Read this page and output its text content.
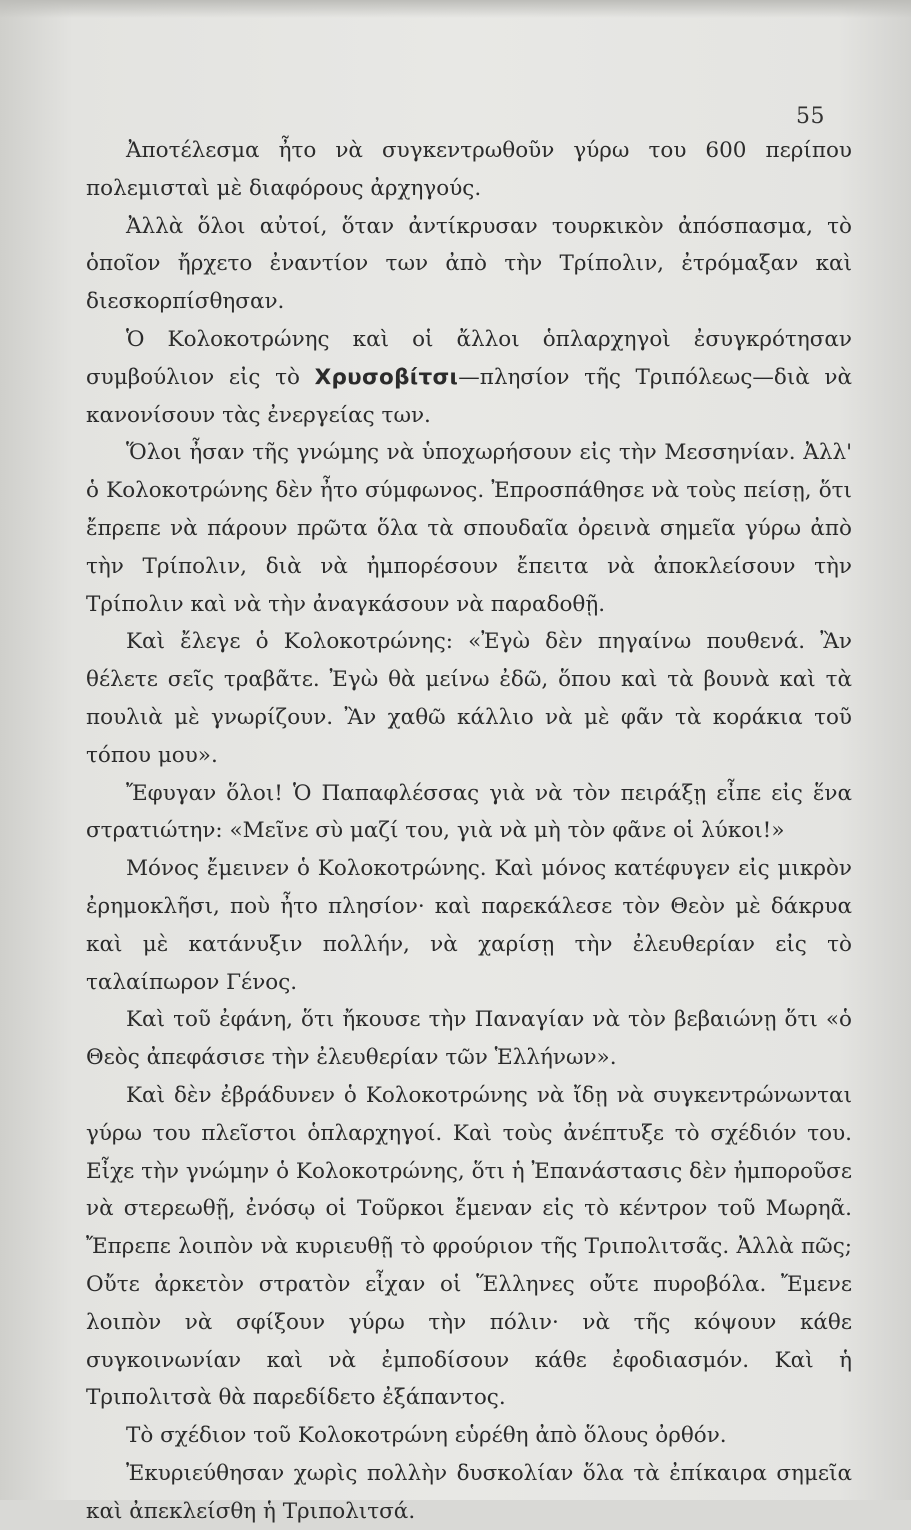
55

Ἀποτέλεσμα ἦτο νὰ συγκεντρωθοῦν γύρω του 600 περίπου πολεμισταὶ μὲ διαφόρους ἀρχηγούς.

Ἀλλὰ ὅλοι αὐτοί, ὅταν ἀντίκρυσαν τουρκικὸν ἀπόσπασμα, τὸ ὁποῖον ἤρχετο ἐναντίον των ἀπὸ τὴν Τρίπολιν, ἐτρόμαξαν καὶ διεσκορπίσθησαν.

Ὁ Κολοκοτρώνης καὶ οἱ ἄλλοι ὁπλαρχηγοὶ ἐσυγκρότησαν συμβούλιον εἰς τὸ Χρυσοβίτσι—πλησίον τῆς Τριπόλεως—διὰ νὰ κανονίσουν τὰς ἐνεργείας των.

Ὅλοι ἦσαν τῆς γνώμης νὰ ὑποχωρήσουν εἰς τὴν Μεσσηνίαν. Ἀλλ' ὁ Κολοκοτρώνης δὲν ἦτο σύμφωνος. Ἐπροσπάθησε νὰ τοὺς πείσῃ, ὅτι ἔπρεπε νὰ πάρουν πρῶτα ὅλα τὰ σπουδαῖα ὀρεινὰ σημεῖα γύρω ἀπὸ τὴν Τρίπολιν, διὰ νὰ ἠμπορέσουν ἔπειτα νὰ ἀποκλείσουν τὴν Τρίπολιν καὶ νὰ τὴν ἀναγκάσουν νὰ παραδοθῇ.

Καὶ ἔλεγε ὁ Κολοκοτρώνης: «Ἐγὼ δὲν πηγαίνω πουθενά. Ἂν θέλετε σεῖς τραβᾶτε. Ἐγὼ θὰ μείνω ἐδῶ, ὅπου καὶ τὰ βουνὰ καὶ τὰ πουλιὰ μὲ γνωρίζουν. Ἂν χαθῶ κάλλιο νὰ μὲ φᾶν τὰ κοράκια τοῦ τόπου μου».

Ἔφυγαν ὅλοι! Ὁ Παπαφλέσσας γιὰ νὰ τὸν πειράξῃ εἶπε εἰς ἕνα στρατιώτην: «Μεῖνε σὺ μαζί του, γιὰ νὰ μὴ τὸν φᾶνε οἱ λύκοι!»

Μόνος ἔμεινεν ὁ Κολοκοτρώνης. Καὶ μόνος κατέφυγεν εἰς μικρὸν ἐρημοκλῆσι, ποὺ ἦτο πλησίον· καὶ παρεκάλεσε τὸν Θεὸν μὲ δάκρυα καὶ μὲ κατάνυξιν πολλήν, νὰ χαρίσῃ τὴν ἐλευθερίαν εἰς τὸ ταλαίπωρον Γένος.

Καὶ τοῦ ἐφάνη, ὅτι ἤκουσε τὴν Παναγίαν νὰ τὸν βεβαιώνῃ ὅτι «ὁ Θεὸς ἀπεφάσισε τὴν ἐλευθερίαν τῶν Ἑλλήνων».

Καὶ δὲν ἐβράδυνεν ὁ Κολοκοτρώνης νὰ ἴδῃ νὰ συγκεντρώνωνται γύρω του πλεῖστοι ὁπλαρχηγοί. Καὶ τοὺς ἀνέπτυξε τὸ σχέδιόν του. Εἶχε τὴν γνώμην ὁ Κολοκοτρώνης, ὅτι ἡ Ἐπανάστασις δὲν ἠμποροῦσε νὰ στερεωθῇ, ἐνόσῳ οἱ Τοῦρκοι ἔμεναν εἰς τὸ κέντρον τοῦ Μωρηᾶ. Ἔπρεπε λοιπὸν νὰ κυριευθῇ τὸ φρούριον τῆς Τριπολιτσᾶς. Ἀλλὰ πῶς; Οὔτε ἀρκετὸν στρατὸν εἶχαν οἱ Ἕλληνες οὔτε πυροβόλα. Ἔμενε λοιπὸν νὰ σφίξουν γύρω τὴν πόλιν· νὰ τῆς κόψουν κάθε συγκοινωνίαν καὶ νὰ ἐμποδίσουν κάθε ἐφοδιασμόν. Καὶ ἡ Τριπολιτσὰ θὰ παρεδίδετο ἐξάπαντος.

Τὸ σχέδιον τοῦ Κολοκοτρώνη εὑρέθη ἀπὸ ὅλους ὀρθόν.

Ἐκυριεύθησαν χωρὶς πολλὴν δυσκολίαν ὅλα τὰ ἐπίκαιρα σημεῖα καὶ ἀπεκλείσθη ἡ Τριπολιτσά.
